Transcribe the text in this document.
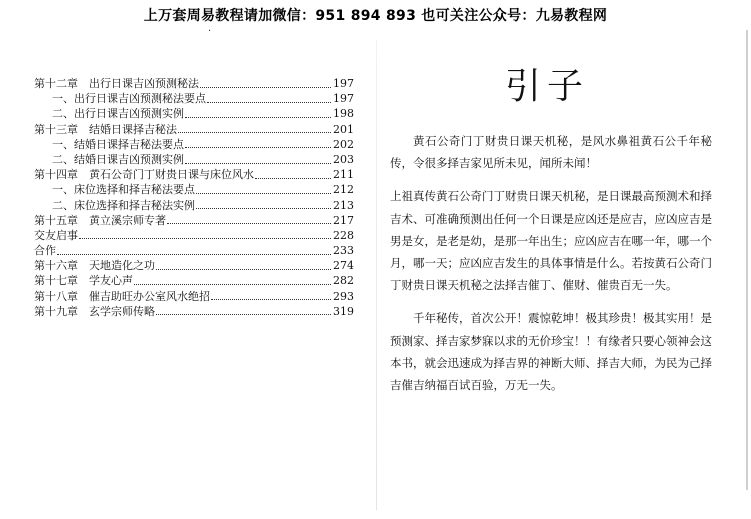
上万套周易教程请加微信：951 894 893 也可关注公众号：九易教程网
·
第十二章　出行日课吉凶预测秘法	197
一、出行日课吉凶预测秘法要点	197
二、出行日课吉凶预测实例	198
第十三章　结婚日课择吉秘法	201
一、结婚日课择吉秘法要点	202
二、结婚日课吉凶预测实例	203
第十四章　黄石公奇门丁财贵日课与床位风水	211
一、床位选择和择吉秘法要点	212
二、床位选择和择吉秘法实例	213
第十五章　黄立溪宗师专著	217
交友启事	228
合作	233
第十六章　天地造化之功	274
第十七章　学友心声	282
第十八章　催吉助旺办公室风水绝招	293
第十九章　玄学宗师传略	319
引子

黄石公奇门丁财贵日课天机秘，是风水鼻祖黄石公千年秘传，令很多择吉家见所未见，闻所未闻！

上祖真传黄石公奇门丁财贵日课天机秘，是日课最高预测术和择吉术、可准确预测出任何一个日课是应凶还是应吉，应凶应吉是男是女，是老是幼，是那一年出生；应凶应吉在哪一年，哪一个月，哪一天；应凶应吉发生的具体事情是什么。若按黄石公奇门丁财贵日课天机秘之法择吉催丁、催财、催贵百无一失。

千年秘传，首次公开！震惊乾坤！极其珍贵！极其实用！是预测家、择吉家梦寐以求的无价珍宝！！有缘者只要心领神会这本书，就会迅速成为择吉界的神断大师、择吉大师，为民为己择吉催吉纳福百试百验，万无一失。
